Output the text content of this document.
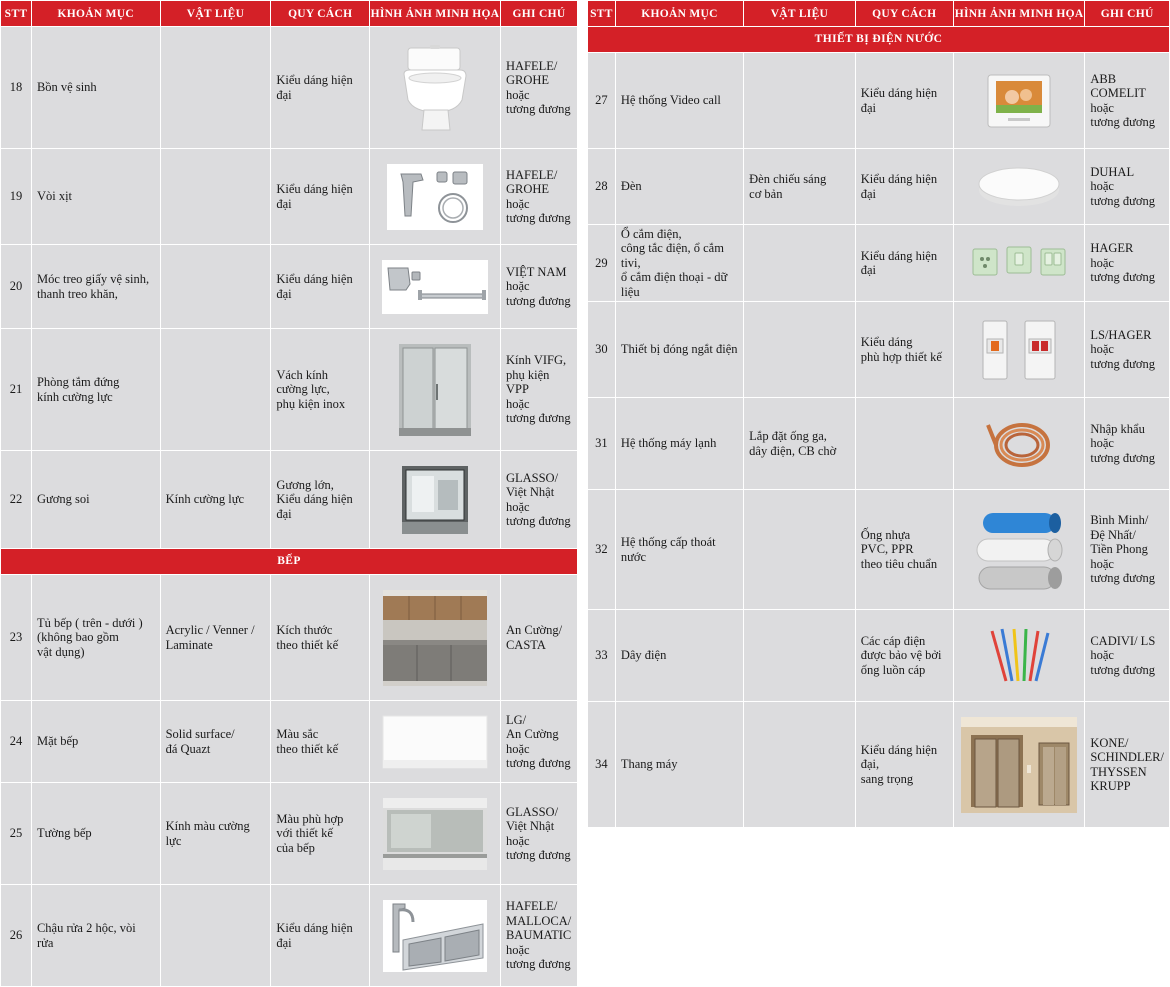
STT	KHOẢN MỤC	VẬT LIỆU	QUY CÁCH	HÌNH ẢNH MINH HỌA	GHI CHÚ
18	Bồn vệ sinh		Kiểu dáng hiện đại		HAFELE/
GROHE
hoặc
tương đương
19	Vòi xịt		Kiểu dáng hiện đại		HAFELE/
GROHE
hoặc
tương đương
20	Móc treo giấy vệ sinh,
thanh treo khăn,		Kiểu dáng hiện đại		VIỆT NAM
hoặc
tương đương
21	Phòng tắm đứng
kính cường lực		Vách kính
cường lực,
phụ kiện inox		Kính VIFG,
phụ kiện VPP
hoặc
tương đương
22	Gương soi	Kính cường lực	Gương lớn,
Kiểu dáng hiện đại		GLASSO/
Việt Nhật
hoặc
tương đương
BẾP					
23	Tủ bếp ( trên - dưới )
(không bao gồm
vật dụng)	Acrylic / Venner /
Laminate	Kích thước
theo thiết kế		An Cường/
CASTA
24	Mặt bếp	Solid surface/
đá Quazt	Màu sắc
theo thiết kế		LG/
An Cường
hoặc
tương đương
25	Tường bếp	Kính màu cường lực	Màu phù hợp
với thiết kế
của bếp		GLASSO/
Việt Nhật
hoặc
tương đương
26	Chậu rửa 2 hộc, vòi rửa		Kiểu dáng hiện đại		HAFELE/
MALLOCA/
BAUMATIC
hoặc
tương đương
STT	KHOẢN MỤC	VẬT LIỆU	QUY CÁCH	HÌNH ẢNH MINH HỌA	GHI CHÚ
THIẾT BỊ ĐIỆN NƯỚC					
27	Hệ thống Video call		Kiểu dáng hiện đại		ABB
COMELIT
hoặc
tương đương
28	Đèn	Đèn chiếu sáng
cơ bản	Kiểu dáng hiện đại		DUHAL
hoặc
tương đương
29	Ổ cắm điện,
công tắc điện, ổ cắm tivi,
ổ cắm điện thoại - dữ liệu		Kiểu dáng hiện đại		HAGER
hoặc
tương đương
30	Thiết bị đóng ngắt điện		Kiểu dáng
phù hợp thiết kế		LS/HAGER
hoặc
tương đương
31	Hệ thống máy lạnh	Lắp đặt ống ga,
dây điện, CB chờ			Nhập khẩu
hoặc
tương đương
32	Hệ thống cấp thoát
nước		Ống nhựa
PVC, PPR
theo tiêu chuẩn		Bình Minh/
Đệ Nhất/
Tiền Phong
hoặc
tương đương
33	Dây điện		Các cáp điện
được bảo vệ bởi
ống luồn cáp		CADIVI/ LS
hoặc
tương đương
34	Thang máy		Kiểu dáng hiện đại,
sang trọng		KONE/
SCHINDLER/
THYSSEN
KRUPP
